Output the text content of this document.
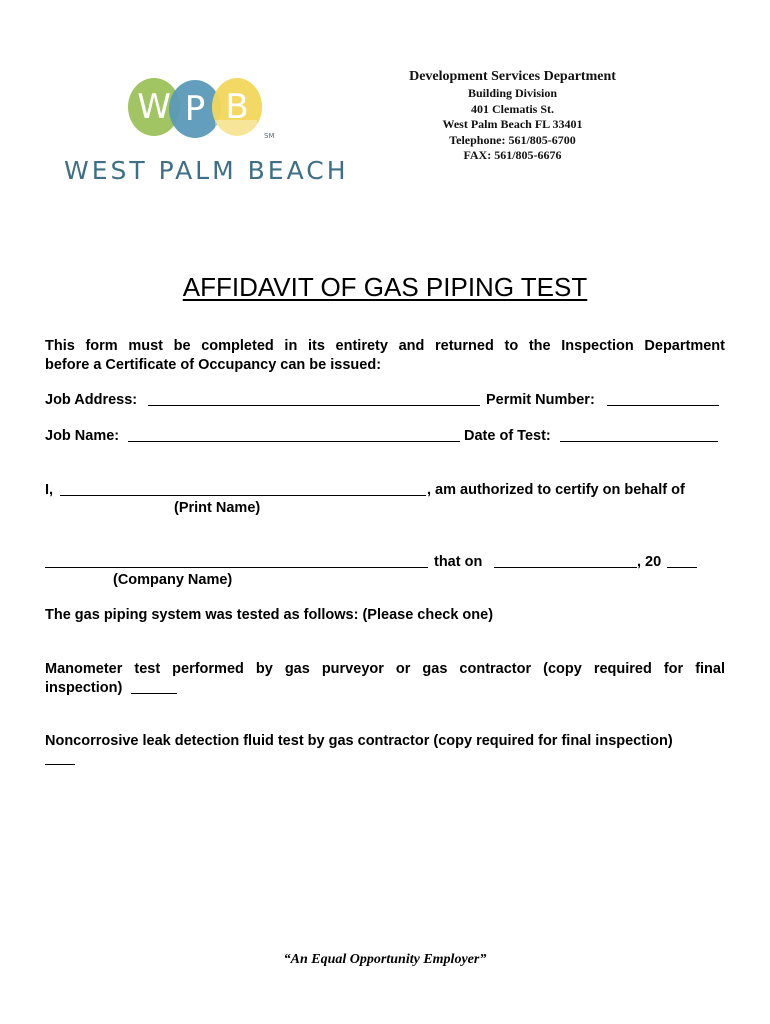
W P B
SM
WEST PALM BEACH
Development Services Department
Building Division
401 Clematis St.
West Palm Beach FL 33401
Telephone: 561/805-6700
FAX: 561/805-6676
AFFIDAVIT OF GAS PIPING TEST
This form must be completed in its entirety and returned to the Inspection Department
before a Certificate of Occupancy can be issued:
Job Address:	Permit Number:
Job Name:	Date of Test:
I,	, am authorized to certify on behalf of
(Print Name)
that on	, 20
(Company Name)
The gas piping system was tested as follows: (Please check one)
Manometer test performed by gas purveyor or gas contractor (copy required for final
inspection)
Noncorrosive leak detection fluid test by gas contractor (copy required for final inspection)
“An Equal Opportunity Employer”
